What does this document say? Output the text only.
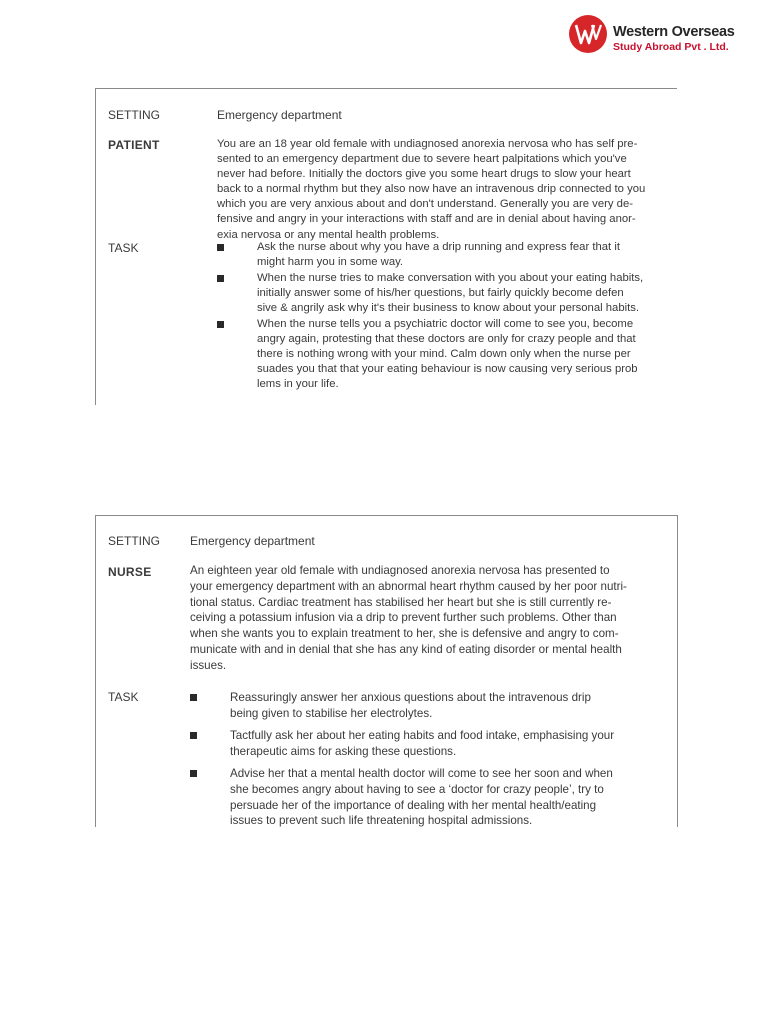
Western Overseas
Study Abroad Pvt . Ltd.
SETTING	Emergency department
PATIENT	You are an 18 year old female with undiagnosed anorexia nervosa who has self pre-
sented to an emergency department due to severe heart palpitations which you've
never had before. Initially the doctors give you some heart drugs to slow your heart
back to a normal rhythm but they also now have an intravenous drip connected to you
which you are very anxious about and don't understand. Generally you are very de-
fensive and angry in your interactions with staff and are in denial about having anor-
exia nervosa or any mental health problems.
TASK	Ask the nurse about why you have a drip running and express fear that it
might harm you in some way.
When the nurse tries to make conversation with you about your eating habits,
initially answer some of his/her questions, but fairly quickly become defen
sive & angrily ask why it's their business to know about your personal habits.
When the nurse tells you a psychiatric doctor will come to see you, become
angry again, protesting that these doctors are only for crazy people and that
there is nothing wrong with your mind. Calm down only when the nurse per
suades you that that your eating behaviour is now causing very serious prob
lems in your life.
SETTING Emergency department
NURSE	An eighteen year old female with undiagnosed anorexia nervosa has presented to
your emergency department with an abnormal heart rhythm caused by her poor nutri-
tional status. Cardiac treatment has stabilised her heart but she is still currently re-
ceiving a potassium infusion via a drip to prevent further such problems. Other than
when she wants you to explain treatment to her, she is defensive and angry to com-
municate with and in denial that she has any kind of eating disorder or mental health
issues.
TASK	Reassuringly answer her anxious questions about the intravenous drip
being given to stabilise her electrolytes.
Tactfully ask her about her eating habits and food intake, emphasising your
therapeutic aims for asking these questions.
Advise her that a mental health doctor will come to see her soon and when
she becomes angry about having to see a ‘doctor for crazy people’, try to
persuade her of the importance of dealing with her mental health/eating
issues to prevent such life threatening hospital admissions.
